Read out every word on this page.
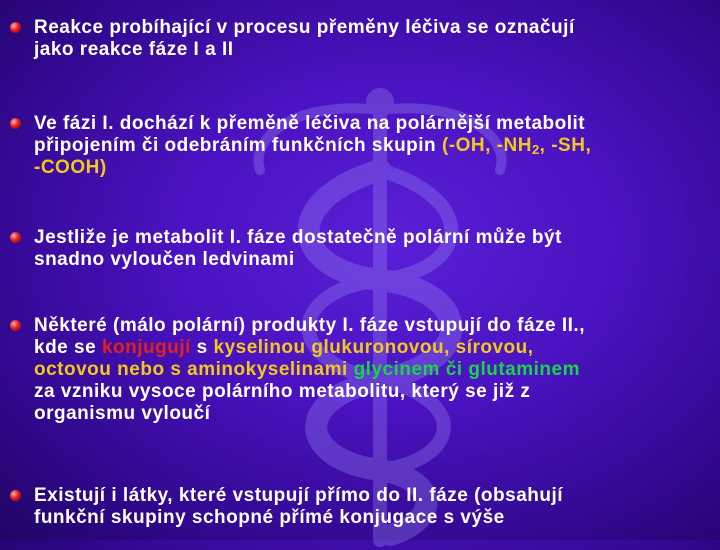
Reakce probíhající v procesu přeměny léčiva se označují
jako reakce fáze I a II
Ve fázi I. dochází k přeměně léčiva na polárnější metabolit
připojením či odebráním funkčních skupin (-OH, $-NH_2$, -SH,
-COOH)
Jestliže je metabolit I. fáze dostatečně polární může být
snadno vyloučen ledvinami
Některé (málo polární) produkty I. fáze vstupují do fáze II.,
kde se konjugují s kyselinou glukuronovou, sírovou,
octovou nebo s aminokyselinami glycinem či glutaminem
za vzniku vysoce polárního metabolitu, který se již z
organismu vyloučí
Existují i látky, které vstupují přímo do II. fáze (obsahují
funkční skupiny schopné přímé konjugace s výše
